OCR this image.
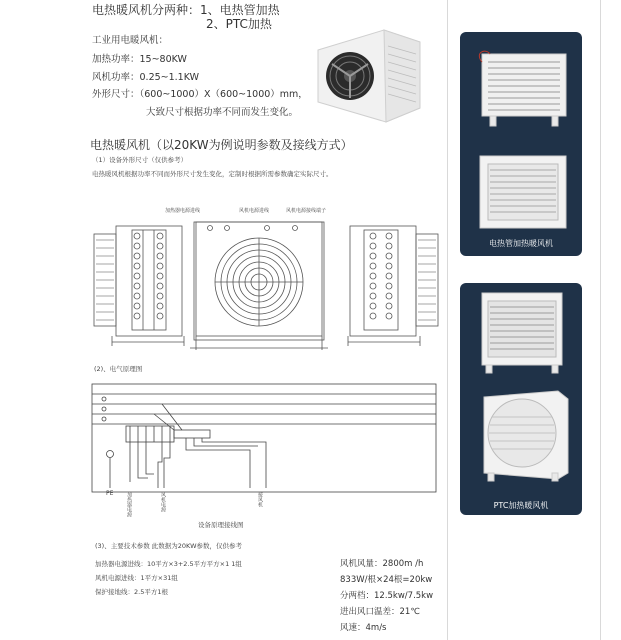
电热暖风机分两种：1、电热管加热
2、PTC加热
工业用电暖风机：
加热功率：15~80KW
风机功率：0.25~1.1KW
外形尺寸：（600~1000）X（600~1000）mm，
大致尺寸根据功率不同而发生变化。
电热暖风机（以20KW为例说明参数及接线方式）
（1）设备外形尺寸（仅供参考）
电热暖风机根据功率不同而外形尺寸发生变化，定制时根据所需参数确定实际尺寸。
加热器电源进线	风机电源进线	风机电源接线端子
(2)、电气原理图
PE	加热器电源	风机电源	接风机
设备原理接线图
(3)、主要技术参数 此数据为20KW参数，仅供参考
加热器电源进线：10平方×3+2.5平方平方×1 1组
风机电源进线：1平方×31组
保护接地线：2.5平方1根
风机风量：2800m /h
833W/根×24根=20kw
分两档：12.5kw/7.5kw
进出风口温差：21℃
风速：4m/s
电热管加热暖风机
PTC加热暖风机
